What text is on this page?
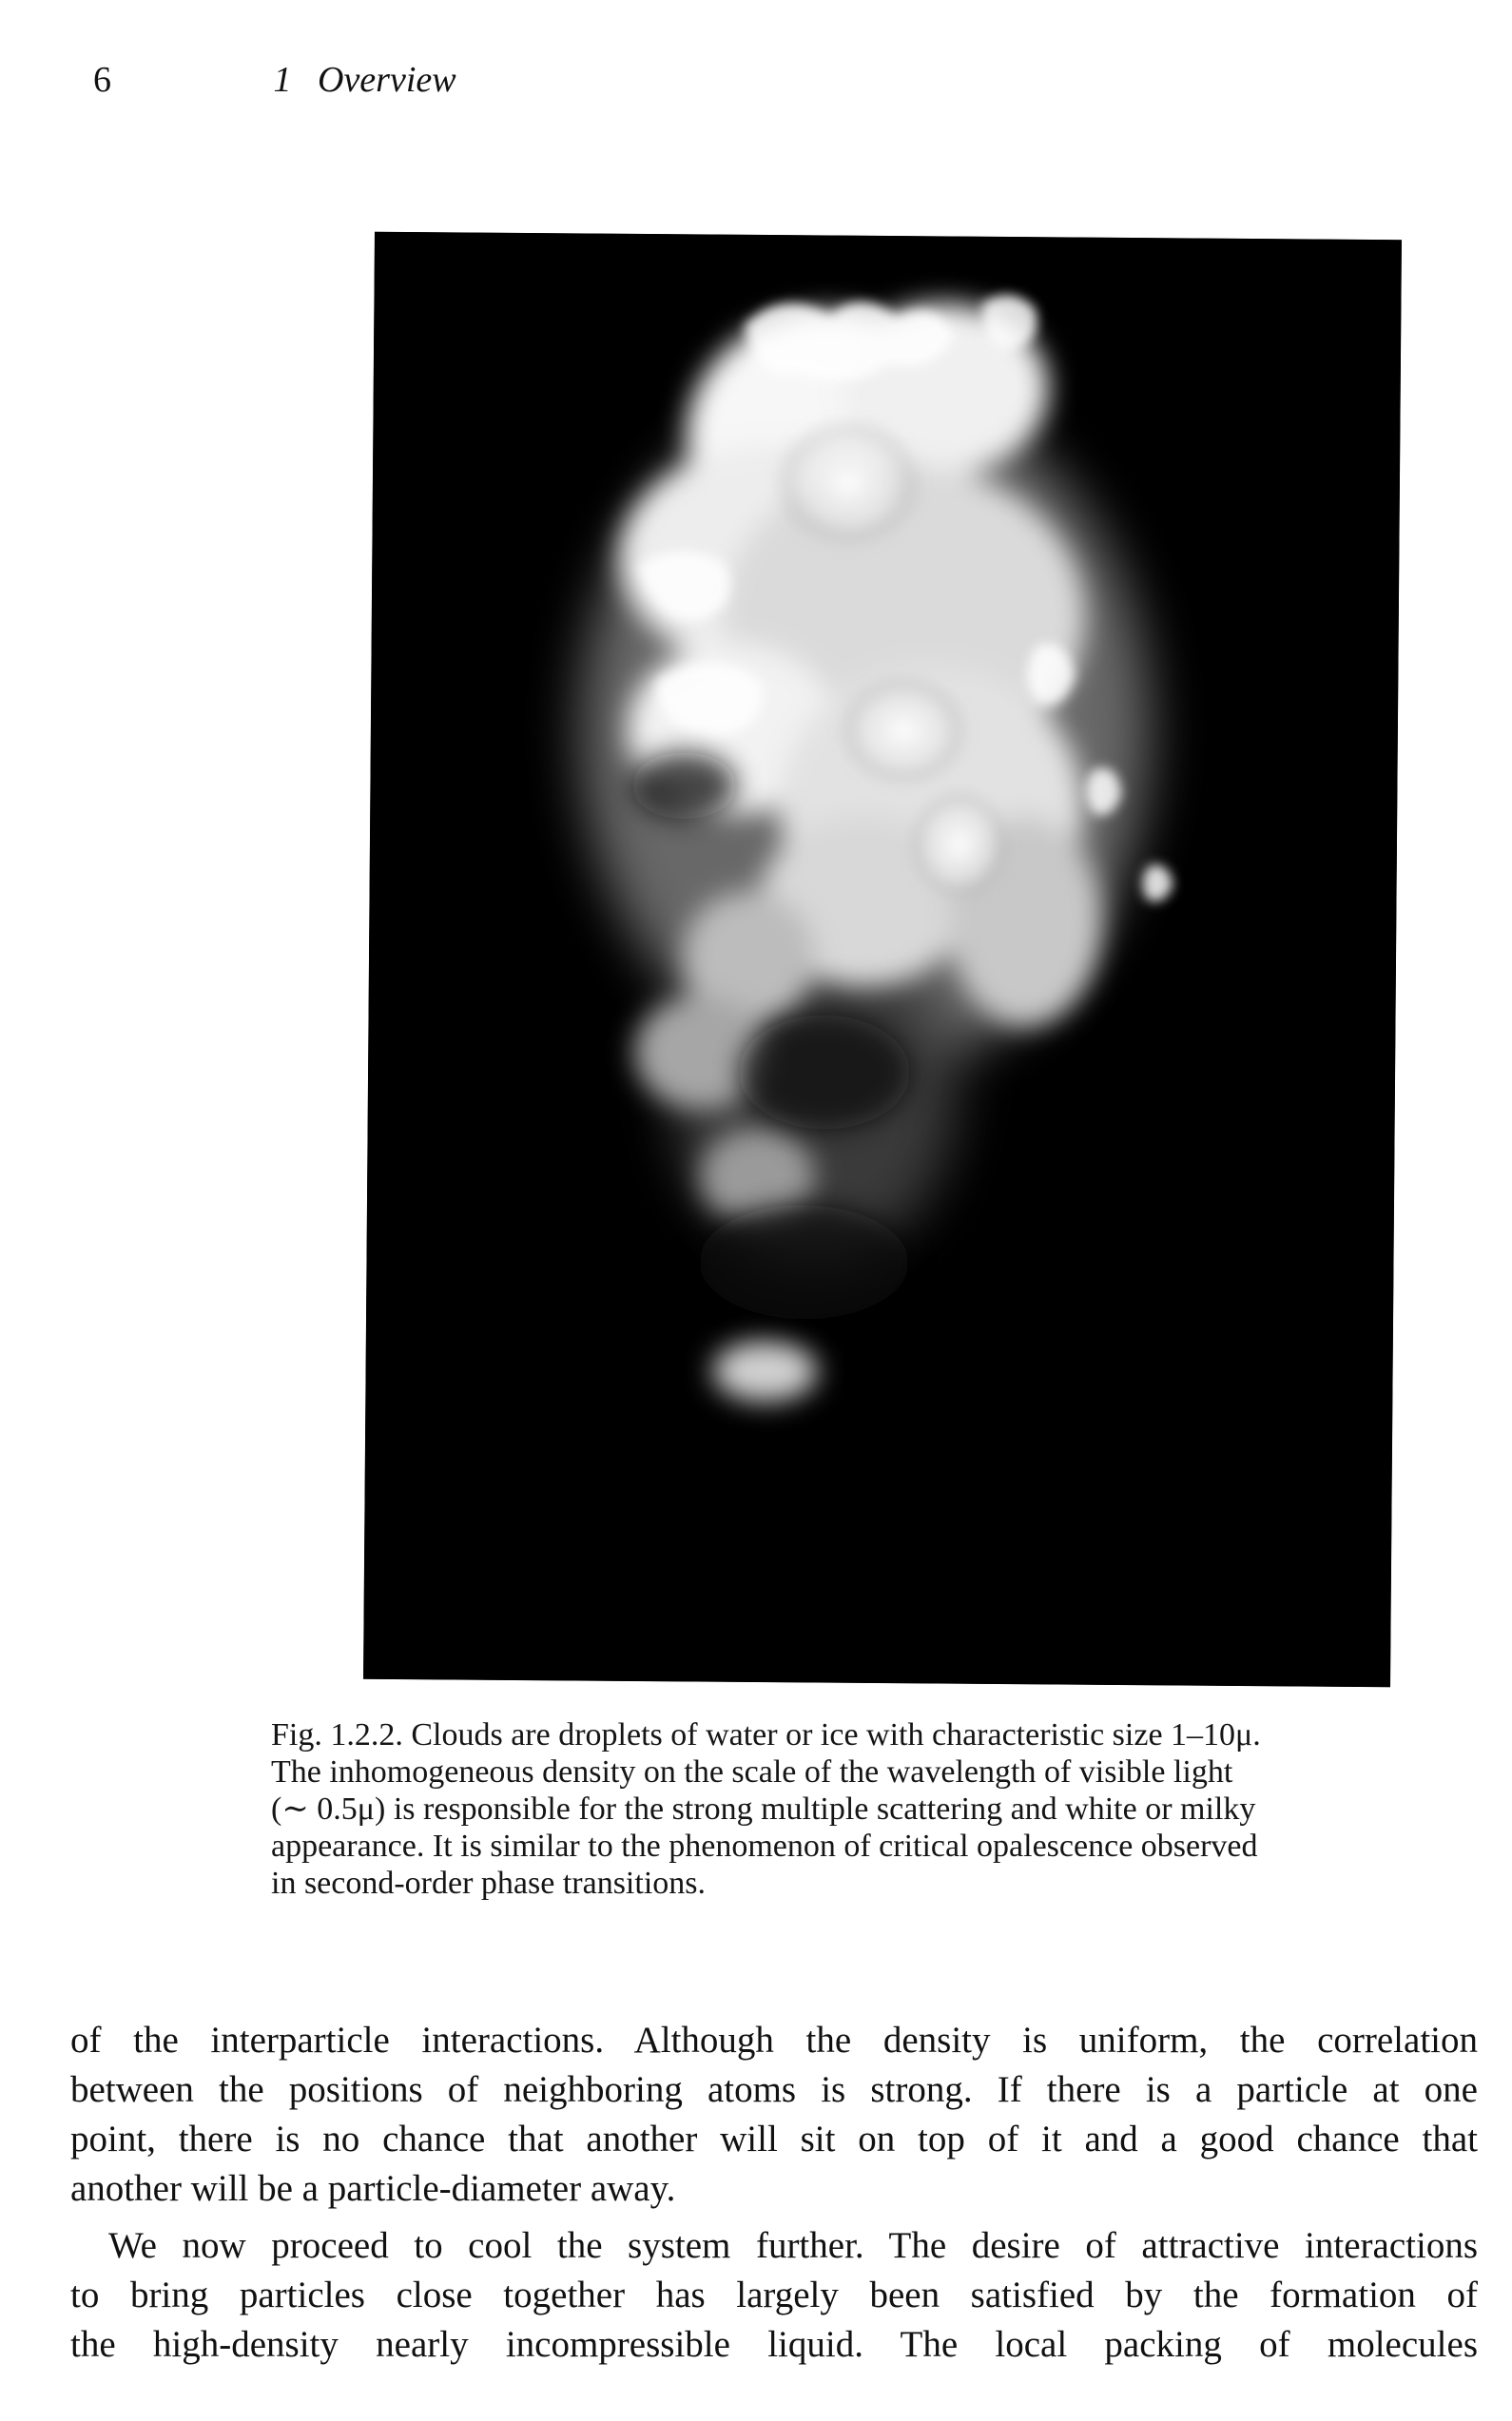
6	1 Overview
Fig. 1.2.2. Clouds are droplets of water or ice with characteristic size 1–10μ.
The inhomogeneous density on the scale of the wavelength of visible light
(∼ 0.5μ) is responsible for the strong multiple scattering and white or milky
appearance. It is similar to the phenomenon of critical opalescence observed
in second-order phase transitions.
of the interparticle interactions. Although the density is uniform, the correlation
between the positions of neighboring atoms is strong. If there is a particle at one
point, there is no chance that another will sit on top of it and a good chance that
another will be a particle-diameter away.
We now proceed to cool the system further. The desire of attractive interactions
to bring particles close together has largely been satisfied by the formation of
the high-density nearly incompressible liquid. The local packing of molecules
